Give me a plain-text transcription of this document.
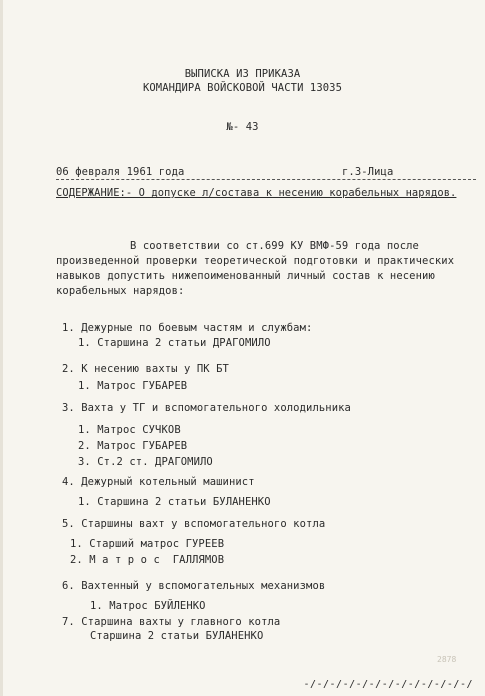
ВЫПИСКА ИЗ ПРИКАЗА
КОМАНДИРА ВОЙСКОВОЙ ЧАСТИ 13035
№- 43
06 февраля 1961 года	г.З-Лица
СОДЕРЖАНИЕ:- О допуске л/состава к несению корабельных нарядов.
В соответствии со ст.699 КУ ВМФ-59 года после
произведенной проверки теоретической подготовки и практических
навыков допустить нижепоименованный личный состав к несению
корабельных нарядов:
1. Дежурные по боевым частям и службам:
1. Старшина 2 статьи ДРАГОМИЛО
2. К несению вахты у ПК БТ
1. Матрос ГУБАРЕВ
3. Вахта у ТГ и вспомогательного холодильника
1. Матрос СУЧКОВ
2. Матрос ГУБАРЕВ
3. Ст.2 ст. ДРАГОМИЛО
4. Дежурный котельный машинист
1. Старшина 2 статьи БУЛАНЕНКО
5. Старшины вахт у вспомогательного котла
1. Старший матрос ГУРЕЕВ
2. М а т р о с  ГАЛЛЯМОВ
6. Вахтенный у вспомогательных механизмов
1. Матрос БУЙЛЕНКО
7. Старшина вахты у главного котла
Старшина 2 статьи БУЛАНЕНКО
2878
-/-/-/-/-/-/-/-/-/-/-/-/-/
